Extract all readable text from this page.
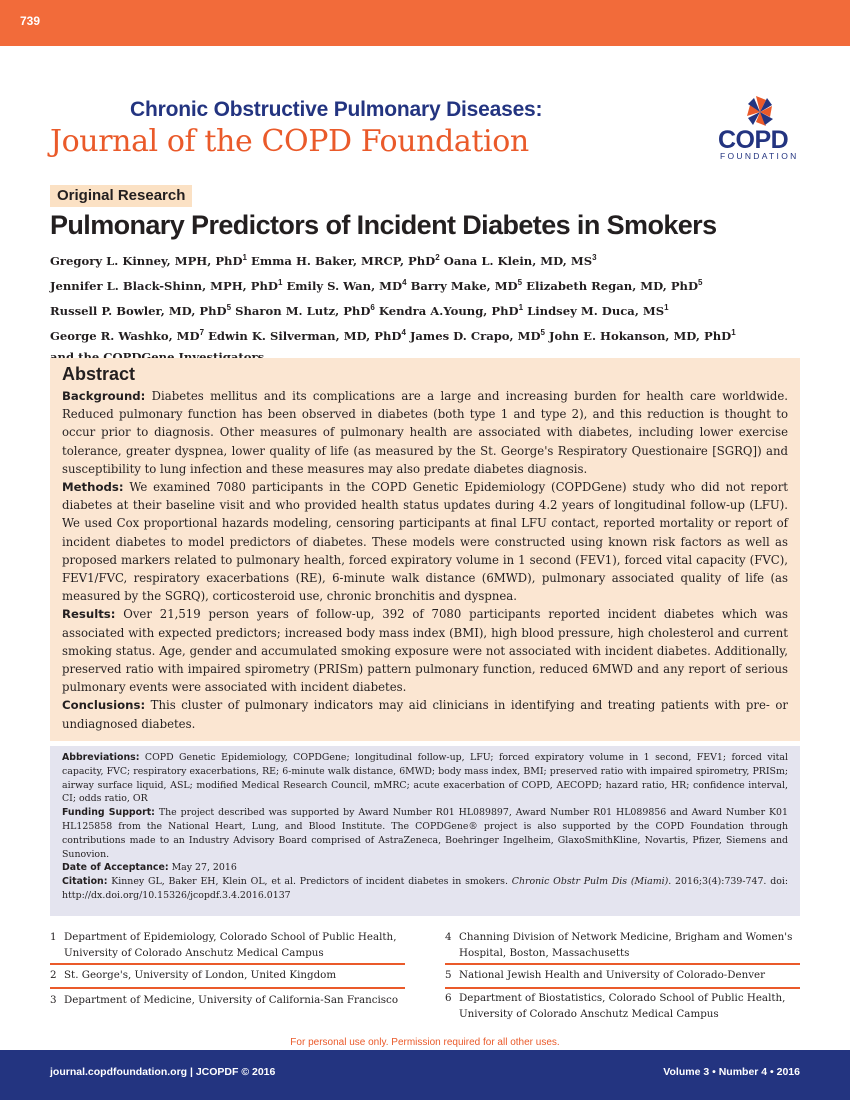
739
Chronic Obstructive Pulmonary Diseases:
Journal of the COPD Foundation	COPD
FOUNDATION
Original Research
Pulmonary Predictors of Incident Diabetes in Smokers
Gregory L. Kinney, MPH, PhD$^1$ Emma H. Baker, MRCP, PhD$^2$ Oana L. Klein, MD, $MS^3$
Jennifer L. Black-Shinn, MPH, PhD$^1$ Emily S. Wan, $MD^4$ Barry Make, $MD^5$ Elizabeth Regan, MD, PhD$^5$
Russell P. Bowler, MD, PhD$^5$ Sharon M. Lutz, PhD$^6$ Kendra A.Young, PhD$^1$ Lindsey M. Duca, $MS^1$
George R. Washko, $MD^7$ Edwin K. Silverman, MD, PhD$^4$ James D. Crapo, $MD^5$ John E. Hokanson, MD, PhD$^1$
Abstract

Background: Diabetes mellitus and its complications are a large and increasing burden for health care worldwide. Reduced pulmonary function has been observed in diabetes (both type 1 and type 2), and this reduction is thought to occur prior to diagnosis. Other measures of pulmonary health are associated with diabetes, including lower exercise tolerance, greater dyspnea, lower quality of life (as measured by the St. George's Respiratory Questionaire [SGRQ]) and susceptibility to lung infection and these measures may also predate diabetes diagnosis.

Methods: We examined 7080 participants in the COPD Genetic Epidemiology (COPDGene) study who did not report diabetes at their baseline visit and who provided health status updates during 4.2 years of longitudinal follow-up (LFU). We used Cox proportional hazards modeling, censoring participants at final LFU contact, reported mortality or report of incident diabetes to model predictors of diabetes. These models were constructed using known risk factors as well as proposed markers related to pulmonary health, forced expiratory volume in 1 second (FEV1), forced vital capacity (FVC), FEV1/FVC, respiratory exacerbations (RE), 6-minute walk distance (6MWD), pulmonary associated quality of life (as measured by the SGRQ), corticosteroid use, chronic bronchitis and dyspnea.

Results: Over 21,519 person years of follow-up, 392 of 7080 participants reported incident diabetes which was associated with expected predictors; increased body mass index (BMI), high blood pressure, high cholesterol and current smoking status. Age, gender and accumulated smoking exposure were not associated with incident diabetes. Additionally, preserved ratio with impaired spirometry (PRISm) pattern pulmonary function, reduced 6MWD and any report of serious pulmonary events were associated with incident diabetes.

Conclusions: This cluster of pulmonary indicators may aid clinicians in identifying and treating patients with pre- or undiagnosed diabetes.

Abbreviations: COPD Genetic Epidemiology, COPDGene; longitudinal follow-up, LFU; forced expiratory volume in 1 second, FEV1; forced vital capacity, FVC; respiratory exacerbations, RE; 6-minute walk distance, 6MWD; body mass index, BMI; preserved ratio with impaired spirometry, PRISm; airway surface liquid, ASL; modified Medical Research Council, mMRC; acute exacerbation of COPD, AECOPD; hazard ratio, HR; confidence interval, CI; odds ratio, OR

Funding Support: The project described was supported by Award Number R01 HL089897, Award Number R01 HL089856 and Award Number K01 HL125858 from the National Heart, Lung, and Blood Institute. The COPDGene® project is also supported by the COPD Foundation through contributions made to an Industry Advisory Board comprised of AstraZeneca, Boehringer Ingelheim, GlaxoSmithKline, Novartis, Pfizer, Siemens and Sunovion.

Date of Acceptance: May 27, 2016

Citation: Kinney GL, Baker EH, Klein OL, et al. Predictors of incident diabetes in smokers. Chronic Obstr Pulm Dis (Miami). 2016;3(4):739-747. doi: http://dx.doi.org/10.15326/jcopdf.3.4.2016.0137

1 Department of Epidemiology, Colorado School of Public Health, University of Colorado Anschutz Medical Campus
2 St. George's, University of London, United Kingdom
3 Department of Medicine, University of California-San Francisco
4 Channing Division of Network Medicine, Brigham and Women's Hospital, Boston, Massachusetts
5 National Jewish Health and University of Colorado-Denver
6 Department of Biostatistics, Colorado School of Public Health, University of Colorado Anschutz Medical Campus
For personal use only. Permission required for all other uses.
journal.copdfoundation.org | JCOPDF © 2016	Volume 3 • Number 4 • 2016
